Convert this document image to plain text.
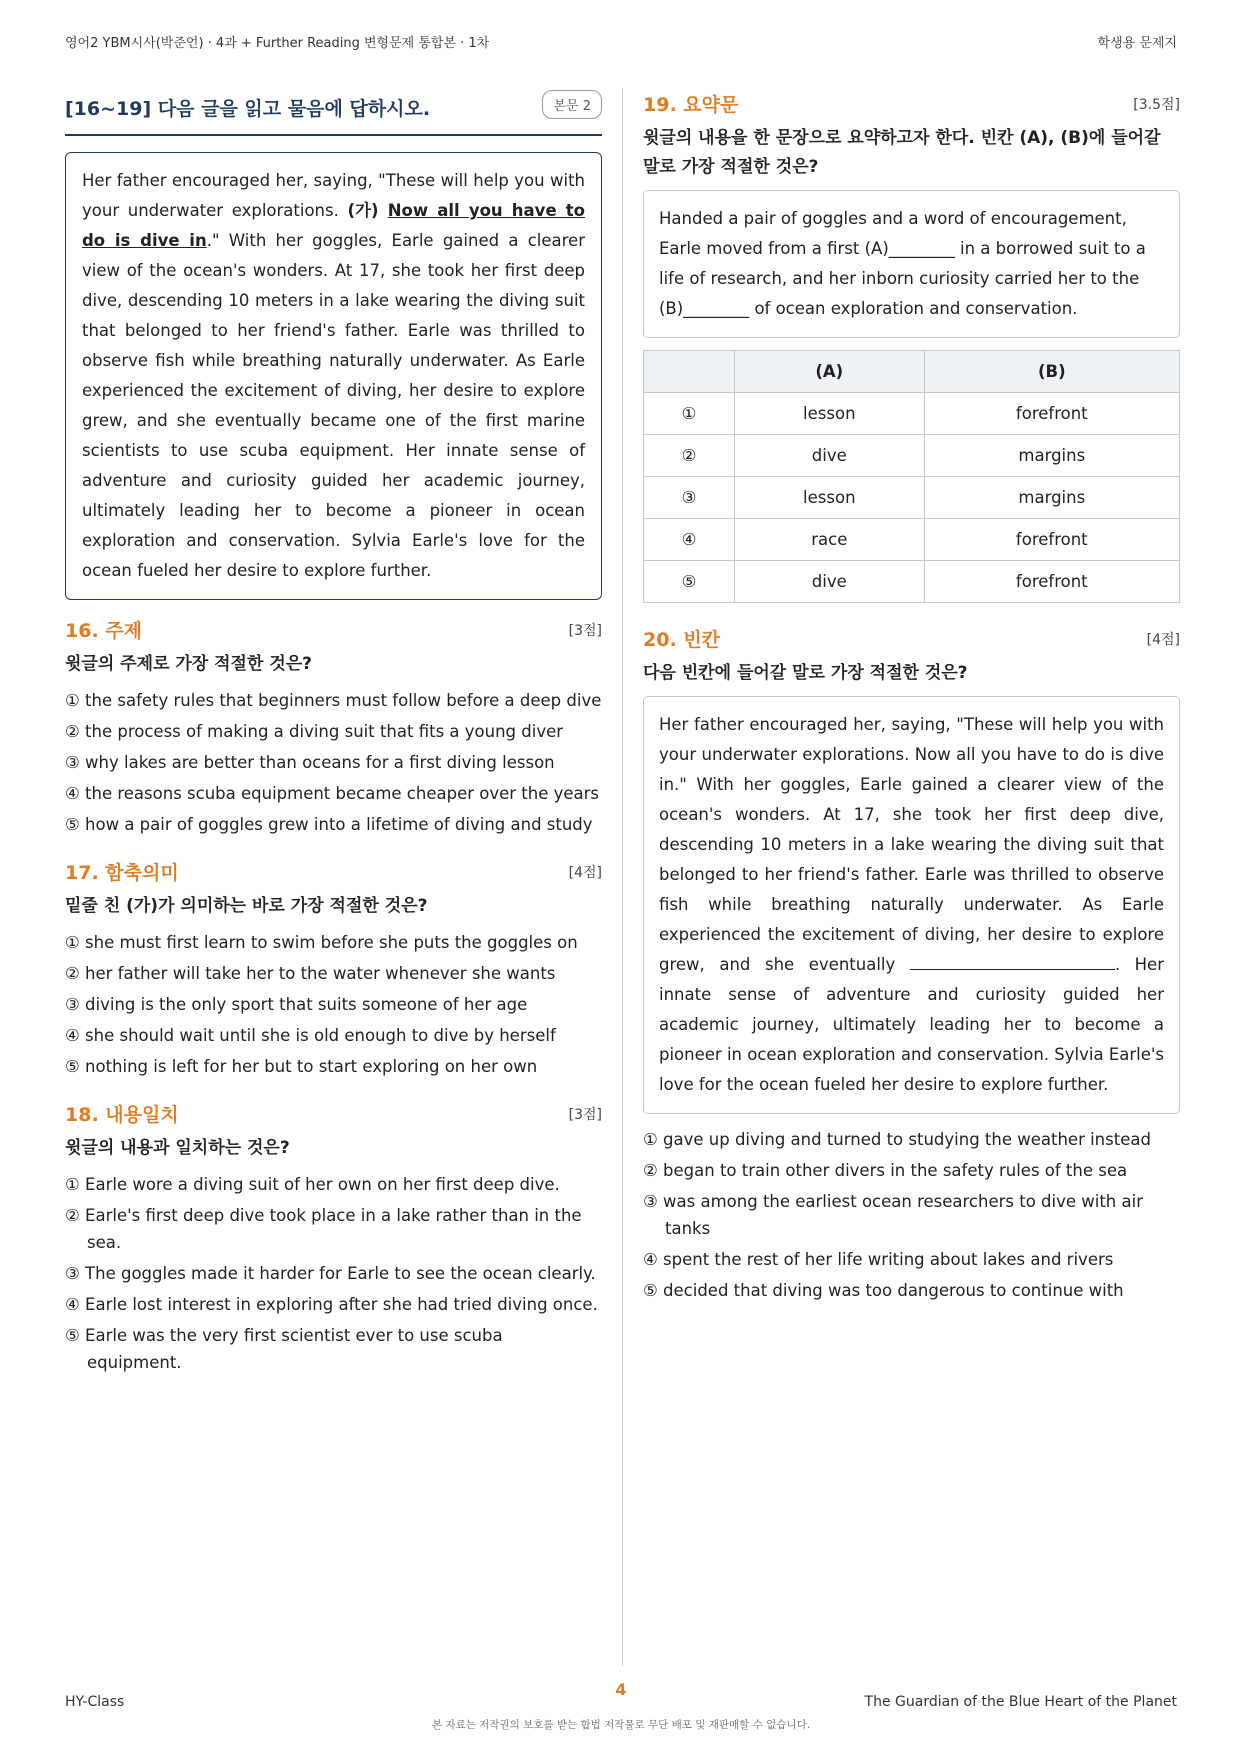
영어2 YBM시사(박준언) · 4과 + Further Reading 변형문제 통합본 · 1차	학생용 문제지
[16~19] 다음 글을 읽고 물음에 답하시오.	본문 2
Her father encouraged her, saying, "These will help you with your underwater explorations. (가) Now all you have to do is dive in." With her goggles, Earle gained a clearer view of the ocean's wonders. At 17, she took her first deep dive, descending 10 meters in a lake wearing the diving suit that belonged to her friend's father. Earle was thrilled to observe fish while breathing naturally underwater. As Earle experienced the excitement of diving, her desire to explore grew, and she eventually became one of the first marine scientists to use scuba equipment. Her innate sense of adventure and curiosity guided her academic journey, ultimately leading her to become a pioneer in ocean exploration and conservation. Sylvia Earle's love for the ocean fueled her desire to explore further.
16. 주제	[3점]
윗글의 주제로 가장 적절한 것은?
① the safety rules that beginners must follow before a deep dive
② the process of making a diving suit that fits a young diver
③ why lakes are better than oceans for a first diving lesson
④ the reasons scuba equipment became cheaper over the years
⑤ how a pair of goggles grew into a lifetime of diving and study
17. 함축의미	[4점]
밑줄 친 (가)가 의미하는 바로 가장 적절한 것은?
① she must first learn to swim before she puts the goggles on
② her father will take her to the water whenever she wants
③ diving is the only sport that suits someone of her age
④ she should wait until she is old enough to dive by herself
⑤ nothing is left for her but to start exploring on her own
18. 내용일치	[3점]
윗글의 내용과 일치하는 것은?
① Earle wore a diving suit of her own on her first deep dive.
② Earle's first deep dive took place in a lake rather than in the sea.
③ The goggles made it harder for Earle to see the ocean clearly.
④ Earle lost interest in exploring after she had tried diving once.
⑤ Earle was the very first scientist ever to use scuba equipment.
19. 요약문	[3.5점]
윗글의 내용을 한 문장으로 요약하고자 한다. 빈칸 (A), (B)에 들어갈 말로 가장 적절한 것은?
Handed a pair of goggles and a word of encouragement, Earle moved from a first (A)________ in a borrowed suit to a life of research, and her inborn curiosity carried her to the (B)________ of ocean exploration and conservation.
	(A)	(B)
①	lesson	forefront
②	dive	margins
③	lesson	margins
④	race	forefront
⑤	dive	forefront
20. 빈칸	[4점]
다음 빈칸에 들어갈 말로 가장 적절한 것은?
Her father encouraged her, saying, "These will help you with your underwater explorations. Now all you have to do is dive in." With her goggles, Earle gained a clearer view of the ocean's wonders. At 17, she took her first deep dive, descending 10 meters in a lake wearing the diving suit that belonged to her friend's father. Earle was thrilled to observe fish while breathing naturally underwater. As Earle experienced the excitement of diving, her desire to explore grew, and she eventually	. Her innate sense of adventure and curiosity guided her academic journey, ultimately leading her to become a pioneer in ocean exploration and conservation. Sylvia Earle's love for the ocean fueled her desire to explore further.
① gave up diving and turned to studying the weather instead
② began to train other divers in the safety rules of the sea
③ was among the earliest ocean researchers to dive with air tanks
④ spent the rest of her life writing about lakes and rivers
⑤ decided that diving was too dangerous to continue with
HY-Class
4
The Guardian of the Blue Heart of the Planet
본 자료는 저작권의 보호를 받는 합법 저작물로 무단 배포 및 재판매할 수 없습니다.
